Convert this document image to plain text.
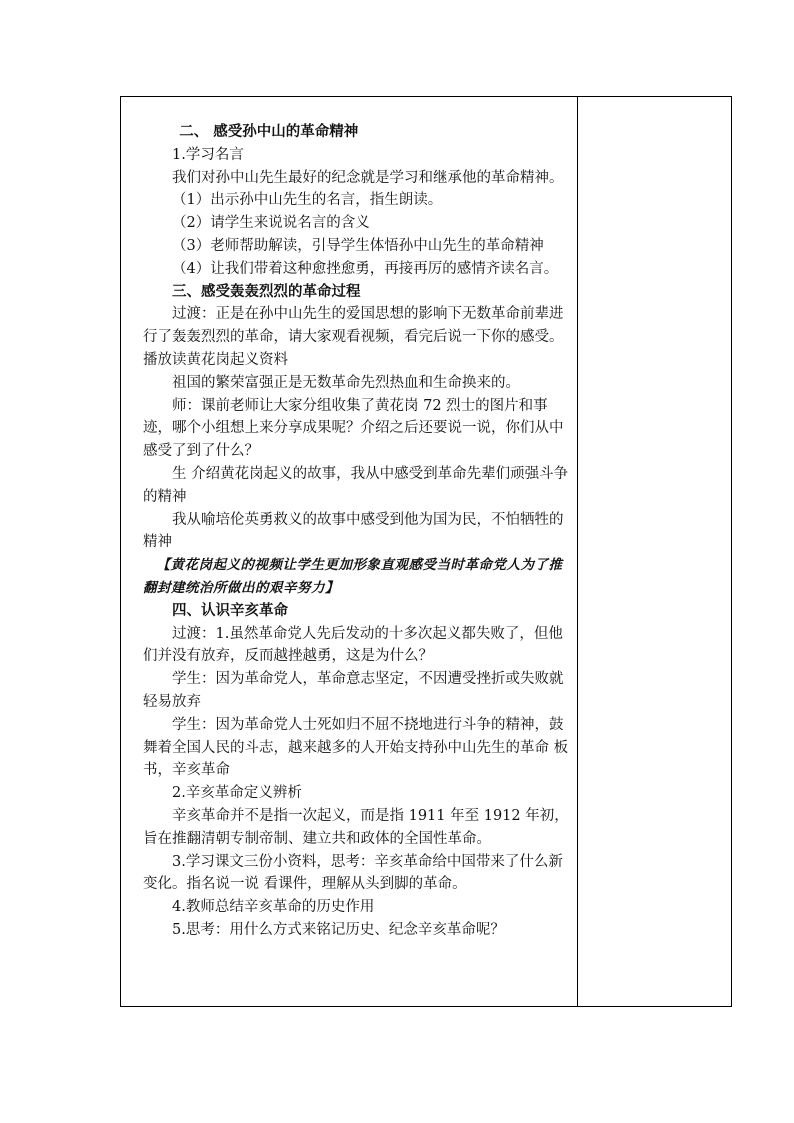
二、 感受孙中山的革命精神

1.学习名言

我们对孙中山先生最好的纪念就是学习和继承他的革命精神。

（1）出示孙中山先生的名言，指生朗读。

（2）请学生来说说名言的含义

（3）老师帮助解读，引导学生体悟孙中山先生的革命精神

（4）让我们带着这种愈挫愈勇，再接再厉的感情齐读名言。

三、感受轰轰烈烈的革命过程

过渡：正是在孙中山先生的爱国思想的影响下无数革命前辈进行了轰轰烈烈的革命，请大家观看视频，看完后说一下你的感受。播放读黄花岗起义资料

祖国的繁荣富强正是无数革命先烈热血和生命换来的。

师：课前老师让大家分组收集了黄花岗 72 烈士的图片和事迹，哪个小组想上来分享成果呢？介绍之后还要说一说，你们从中感受了到了什么？

生 介绍黄花岗起义的故事，我从中感受到革命先辈们顽强斗争的精神

我从喻培伦英勇救义的故事中感受到他为国为民，不怕牺牲的精神

【黄花岗起义的视频让学生更加形象直观感受当时革命党人为了推翻封建统治所做出的艰辛努力】

四、认识辛亥革命

过渡：1.虽然革命党人先后发动的十多次起义都失败了，但他们并没有放弃，反而越挫越勇，这是为什么？

学生：因为革命党人，革命意志坚定，不因遭受挫折或失败就轻易放弃

学生：因为革命党人士死如归不屈不挠地进行斗争的精神，鼓舞着全国人民的斗志，越来越多的人开始支持孙中山先生的革命 板书，辛亥革命

2.辛亥革命定义辨析

辛亥革命并不是指一次起义，而是指 1911 年至 1912 年初，旨在推翻清朝专制帝制、建立共和政体的全国性革命。

3.学习课文三份小资料，思考：辛亥革命给中国带来了什么新变化。指名说一说 看课件，理解从头到脚的革命。

4.教师总结辛亥革命的历史作用

5.思考：用什么方式来铭记历史、纪念辛亥革命呢？
